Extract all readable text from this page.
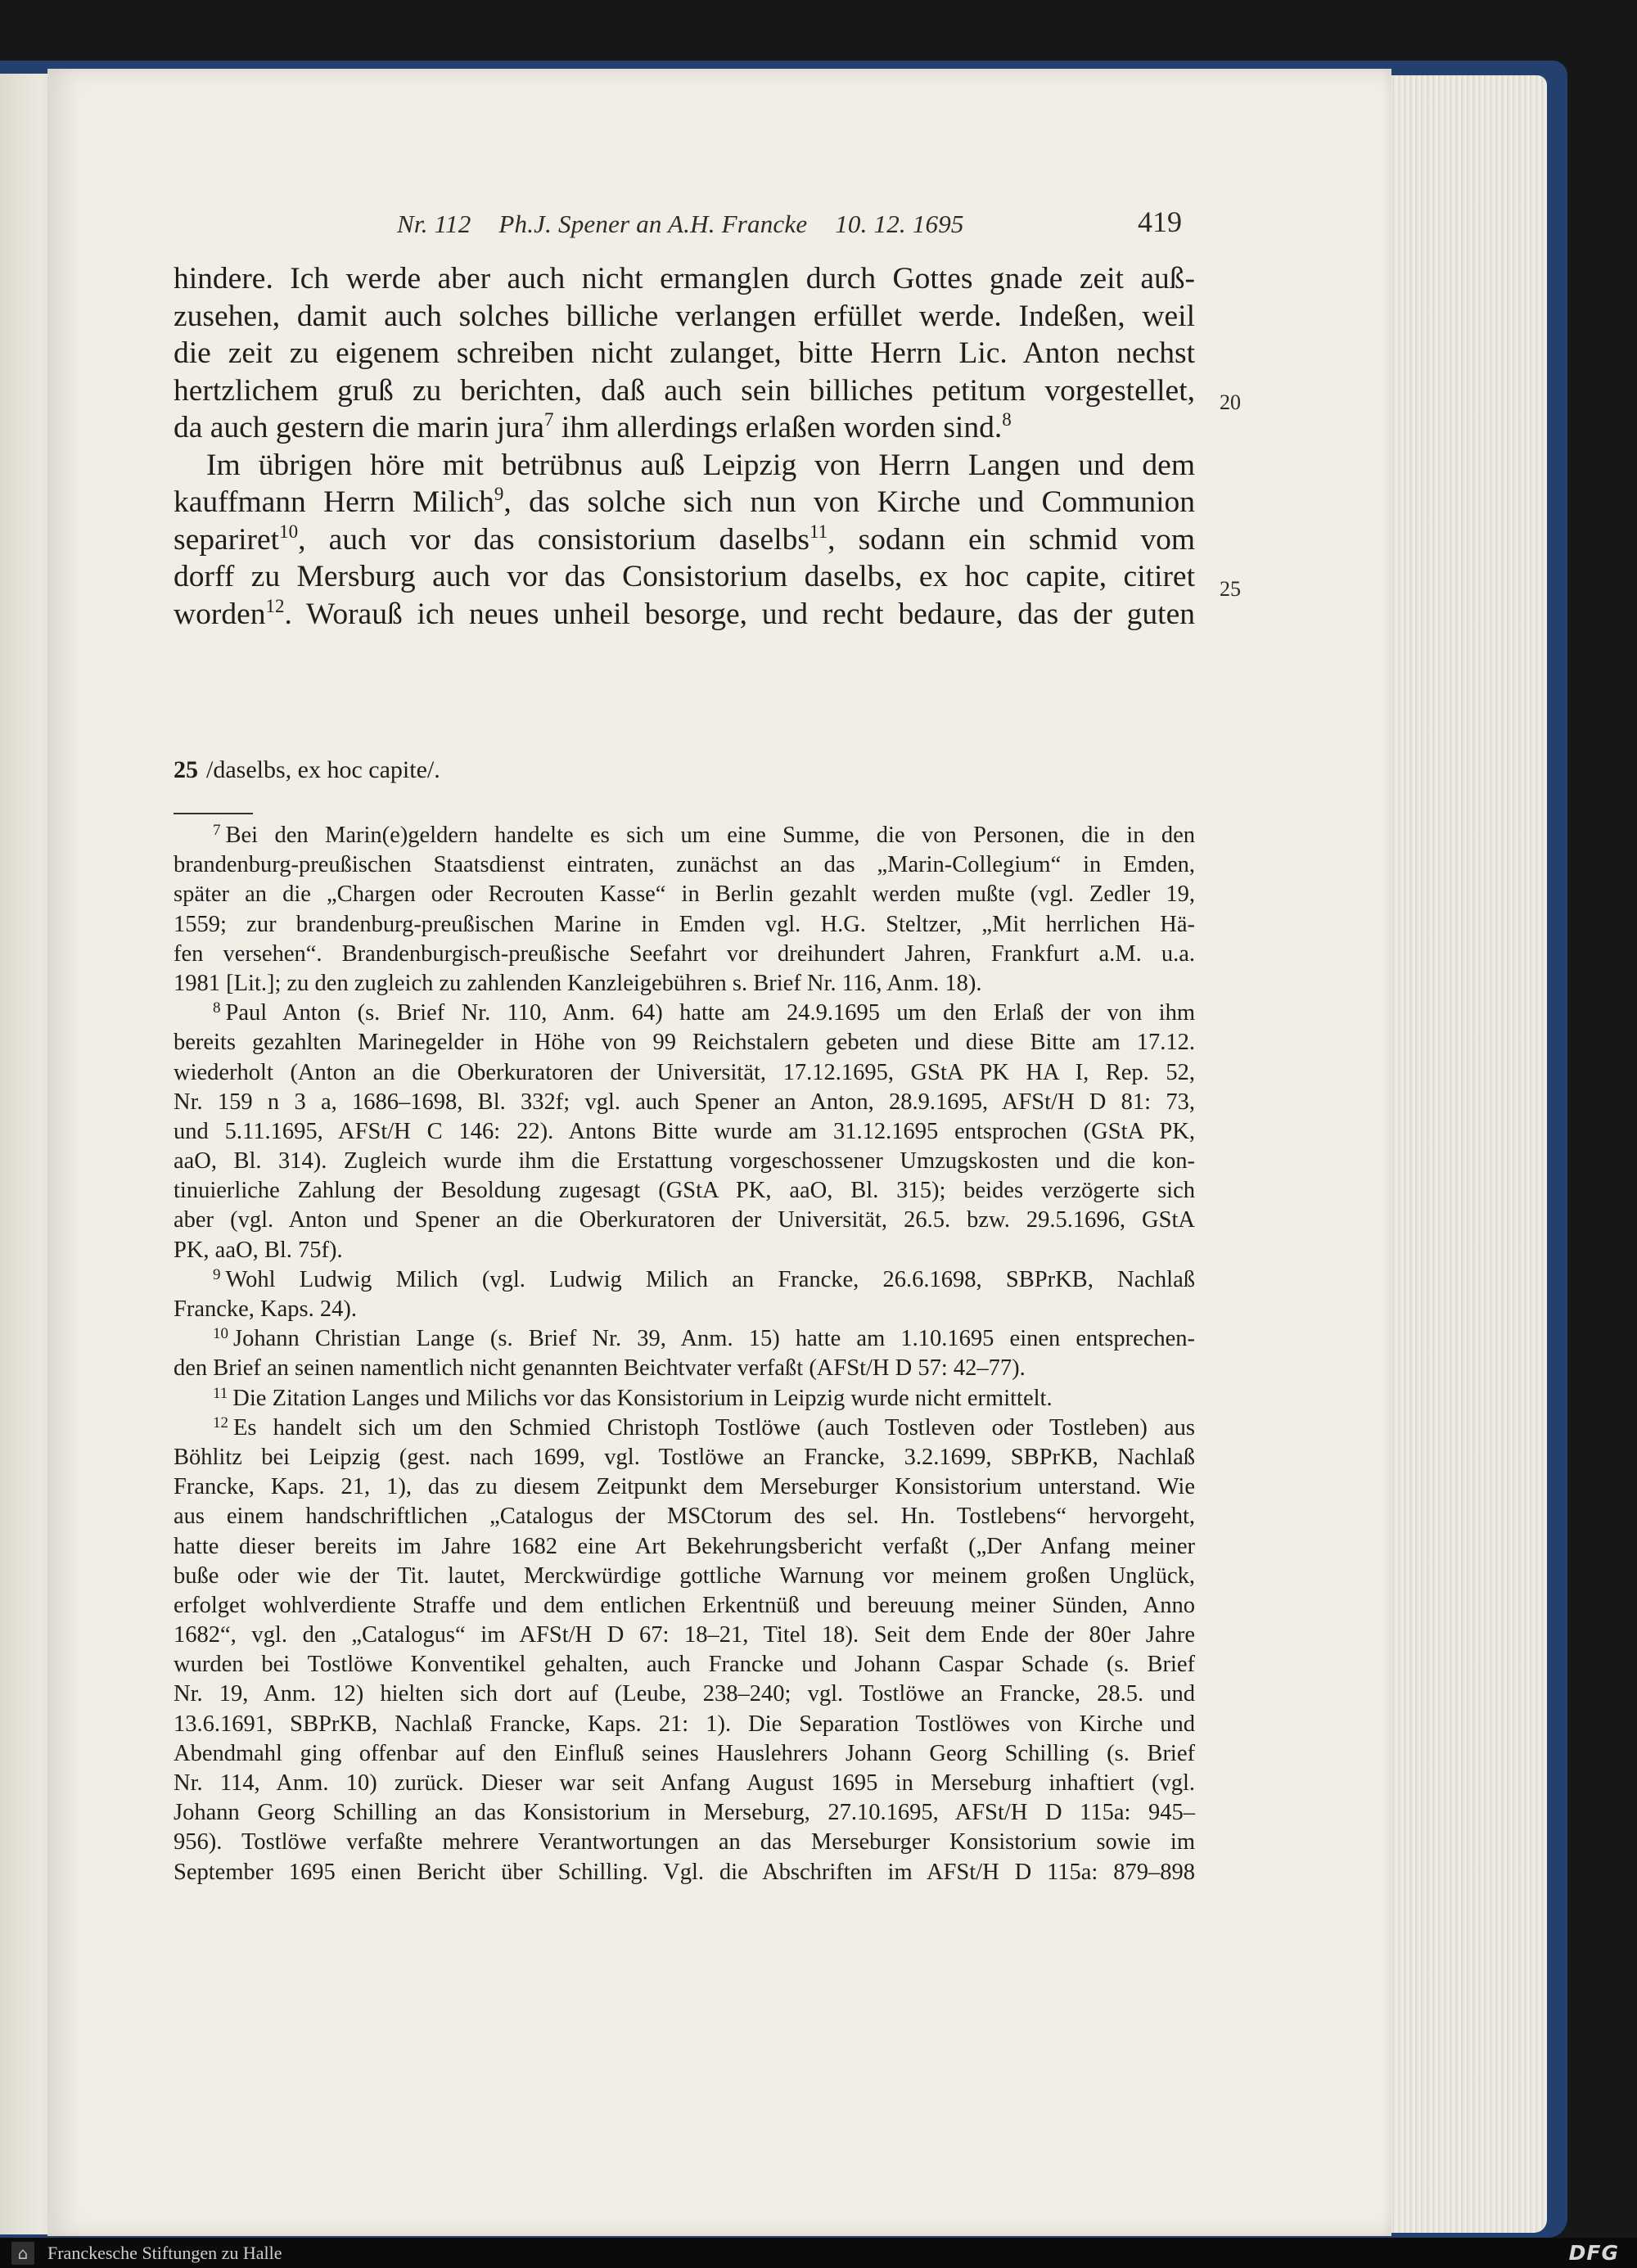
Nr. 112 Ph.J. Spener an A.H. Francke 10. 12. 1695	419
hindere. Ich werde aber auch nicht ermanglen durch Gottes gnade zeit auß-
zusehen, damit auch solches billiche verlangen erfüllet werde. Indeßen, weil
die zeit zu eigenem schreiben nicht zulanget, bitte Herrn Lic. Anton nechst
hertzlichem gruß zu berichten, daß auch sein billiches petitum vorgestellet,
da auch gestern die marin jura$^7$ ihm allerdings erlaßen worden sind.$^8$
Im übrigen höre mit betrübnus auß Leipzig von Herrn Langen und dem
kauffmann Herrn Milich$^9$, das solche sich nun von Kirche und Communion
separiret$^{10}$, auch vor das consistorium daselbs$^{11}$, sodann ein schmid vom
dorff zu Mersburg auch vor das Consistorium daselbs, ex hoc capite, citiret
worden$^{12}$. Worauß ich neues unheil besorge, und recht bedaure, das der guten
20
25
25 /daselbs, ex hoc capite/.
$^7$ Bei den Marin(e)geldern handelte es sich um eine Summe, die von Personen, die in den
brandenburg-preußischen Staatsdienst eintraten, zunächst an das „Marin-Collegium“ in Emden,
später an die „Chargen oder Recrouten Kasse“ in Berlin gezahlt werden mußte (vgl. Zedler 19,
1559; zur brandenburg-preußischen Marine in Emden vgl. H.G. Steltzer, „Mit herrlichen Hä-
fen versehen“. Brandenburgisch-preußische Seefahrt vor dreihundert Jahren, Frankfurt a.M. u.a.
1981 [Lit.]; zu den zugleich zu zahlenden Kanzleigebühren s. Brief Nr. 116, Anm. 18).
$^8$ Paul Anton (s. Brief Nr. 110, Anm. 64) hatte am 24.9.1695 um den Erlaß der von ihm
bereits gezahlten Marinegelder in Höhe von 99 Reichstalern gebeten und diese Bitte am 17.12.
wiederholt (Anton an die Oberkuratoren der Universität, 17.12.1695, GStA PK HA I, Rep. 52,
Nr. 159 n 3 a, 1686–1698, Bl. 332f; vgl. auch Spener an Anton, 28.9.1695, AFSt/H D 81: 73,
und 5.11.1695, AFSt/H C 146: 22). Antons Bitte wurde am 31.12.1695 entsprochen (GStA PK,
aaO, Bl. 314). Zugleich wurde ihm die Erstattung vorgeschossener Umzugskosten und die kon-
tinuierliche Zahlung der Besoldung zugesagt (GStA PK, aaO, Bl. 315); beides verzögerte sich
aber (vgl. Anton und Spener an die Oberkuratoren der Universität, 26.5. bzw. 29.5.1696, GStA
PK, aaO, Bl. 75f).
$^9$ Wohl Ludwig Milich (vgl. Ludwig Milich an Francke, 26.6.1698, SBPrKB, Nachlaß
Francke, Kaps. 24).
$^{10}$ Johann Christian Lange (s. Brief Nr. 39, Anm. 15) hatte am 1.10.1695 einen entsprechen-
den Brief an seinen namentlich nicht genannten Beichtvater verfaßt (AFSt/H D 57: 42–77).
$^{11}$ Die Zitation Langes und Milichs vor das Konsistorium in Leipzig wurde nicht ermittelt.
$^{12}$ Es handelt sich um den Schmied Christoph Tostlöwe (auch Tostleven oder Tostleben) aus
Böhlitz bei Leipzig (gest. nach 1699, vgl. Tostlöwe an Francke, 3.2.1699, SBPrKB, Nachlaß
Francke, Kaps. 21, 1), das zu diesem Zeitpunkt dem Merseburger Konsistorium unterstand. Wie
aus einem handschriftlichen „Catalogus der MSCtorum des sel. Hn. Tostlebens“ hervorgeht,
hatte dieser bereits im Jahre 1682 eine Art Bekehrungsbericht verfaßt („Der Anfang meiner
buße oder wie der Tit. lautet, Merckwürdige gottliche Warnung vor meinem großen Unglück,
erfolget wohlverdiente Straffe und dem entlichen Erkentnüß und bereuung meiner Sünden, Anno
1682“, vgl. den „Catalogus“ im AFSt/H D 67: 18–21, Titel 18). Seit dem Ende der 80er Jahre
wurden bei Tostlöwe Konventikel gehalten, auch Francke und Johann Caspar Schade (s. Brief
Nr. 19, Anm. 12) hielten sich dort auf (Leube, 238–240; vgl. Tostlöwe an Francke, 28.5. und
13.6.1691, SBPrKB, Nachlaß Francke, Kaps. 21: 1). Die Separation Tostlöwes von Kirche und
Abendmahl ging offenbar auf den Einfluß seines Hauslehrers Johann Georg Schilling (s. Brief
Nr. 114, Anm. 10) zurück. Dieser war seit Anfang August 1695 in Merseburg inhaftiert (vgl.
Johann Georg Schilling an das Konsistorium in Merseburg, 27.10.1695, AFSt/H D 115a: 945–
956). Tostlöwe verfaßte mehrere Verantwortungen an das Merseburger Konsistorium sowie im
September 1695 einen Bericht über Schilling. Vgl. die Abschriften im AFSt/H D 115a: 879–898
⌂	Franckesche Stiftungen zu Halle	DFG
